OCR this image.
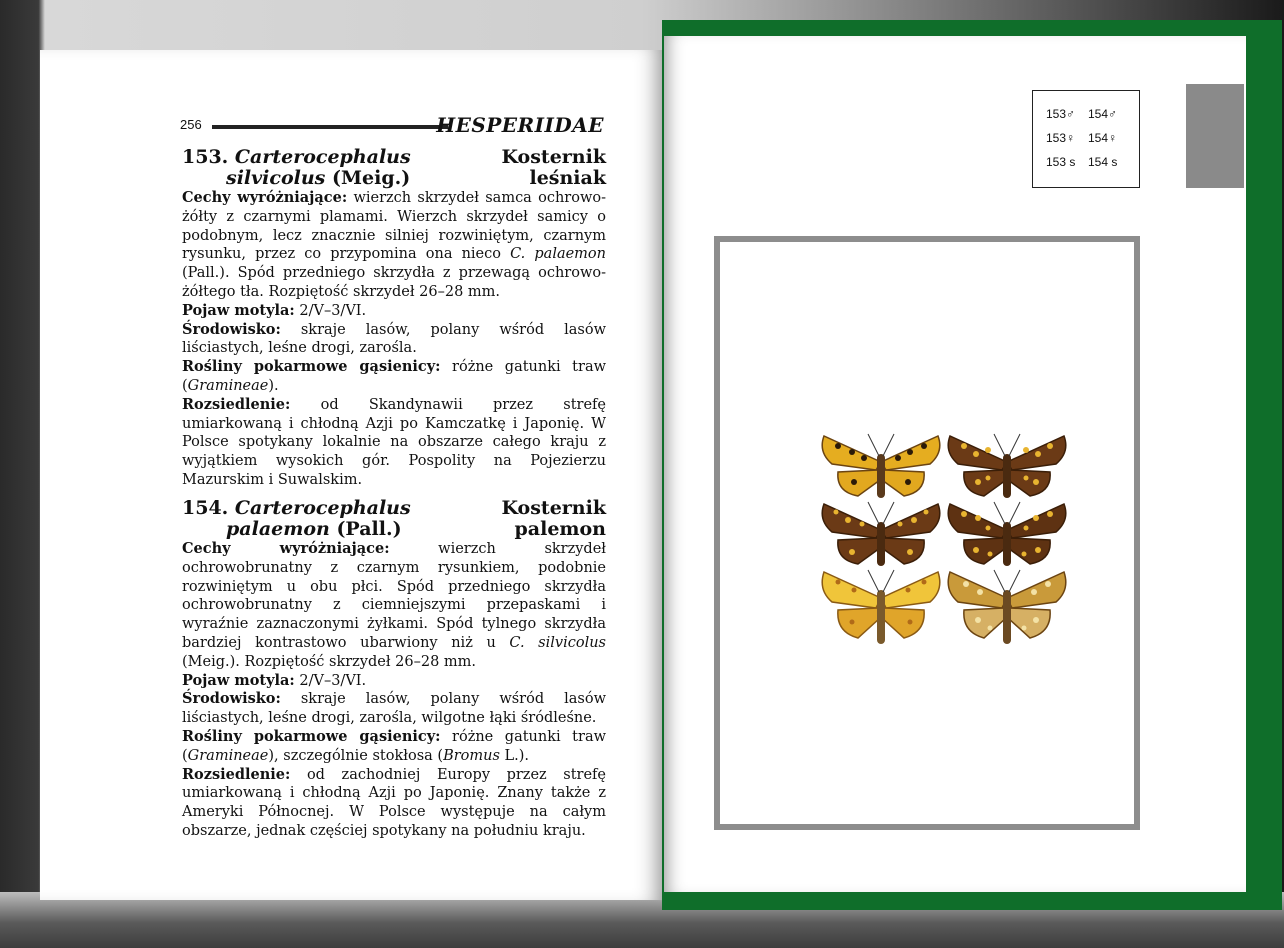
256	HESPERIIDAE
153. Carterocephalus
silvicolus (Meig.)
Kosternik
leśniak

Cechy wyróżniające: wierzch skrzydeł samca ochrowo-żółty z czarnymi plamami. Wierzch skrzydeł samicy o podobnym, lecz znacznie silniej rozwiniętym, czarnym rysunku, przez co przypomina ona nieco C. palaemon (Pall.). Spód przedniego skrzydła z przewagą ochrowo-żółtego tła. Rozpiętość skrzydeł 26–28 mm.

Pojaw motyla: 2/V–3/VI.

Środowisko: skraje lasów, polany wśród lasów liściastych, leśne drogi, zarośla.

Rośliny pokarmowe gąsienicy: różne gatunki traw (Gramineae).

Rozsiedlenie: od Skandynawii przez strefę umiarkowaną i chłodną Azji po Kamczatkę i Japonię. W Polsce spotykany lokalnie na obszarze całego kraju z wyjątkiem wysokich gór. Pospolity na Pojezierzu Mazurskim i Suwalskim.

154. Carterocephalus
palaemon (Pall.)
Kosternik
palemon

Cechy wyróżniające: wierzch skrzydeł ochrowobrunatny z czarnym rysunkiem, podobnie rozwiniętym u obu płci. Spód przedniego skrzydła ochrowobrunatny z ciemniejszymi przepaskami i wyraźnie zaznaczonymi żyłkami. Spód tylnego skrzydła bardziej kontrastowo ubarwiony niż u C. silvicolus (Meig.). Rozpiętość skrzydeł 26–28 mm.

Pojaw motyla: 2/V–3/VI.

Środowisko: skraje lasów, polany wśród lasów liściastych, leśne drogi, zarośla, wilgotne łąki śródleśne.

Rośliny pokarmowe gąsienicy: różne gatunki traw (Gramineae), szczególnie stokłosa (Bromus L.).

Rozsiedlenie: od zachodniej Europy przez strefę umiarkowaną i chłodną Azji po Japonię. Znany także z Ameryki Północnej. W Polsce występuje na całym obszarze, jednak częściej spotykany na południu kraju.

153♂ 154♂
153♀ 154♀
153 s 154 s
